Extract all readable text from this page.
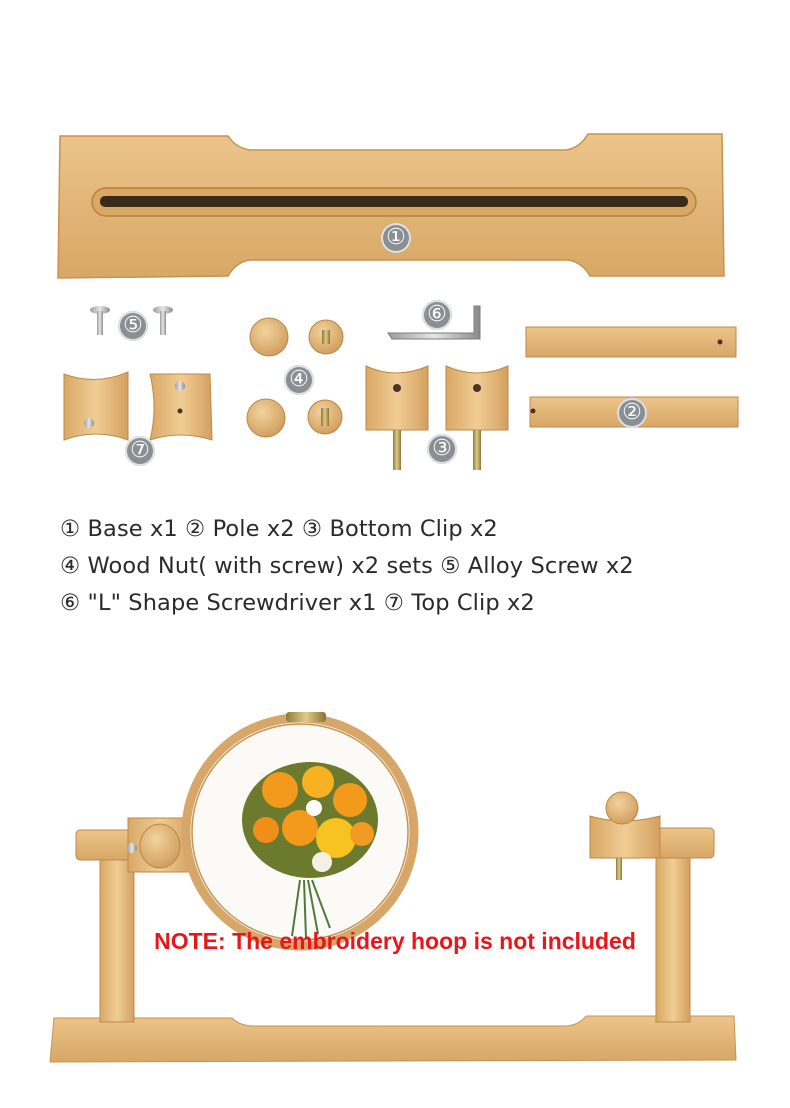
①
②
③
④
⑤	⑥
⑦
① Base x1 ② Pole x2 ③ Bottom Clip x2
④ Wood Nut( with screw) x2 sets ⑤ Alloy Screw x2
⑥ "L" Shape Screwdriver x1 ⑦ Top Clip x2
NOTE: The embroidery hoop is not included
